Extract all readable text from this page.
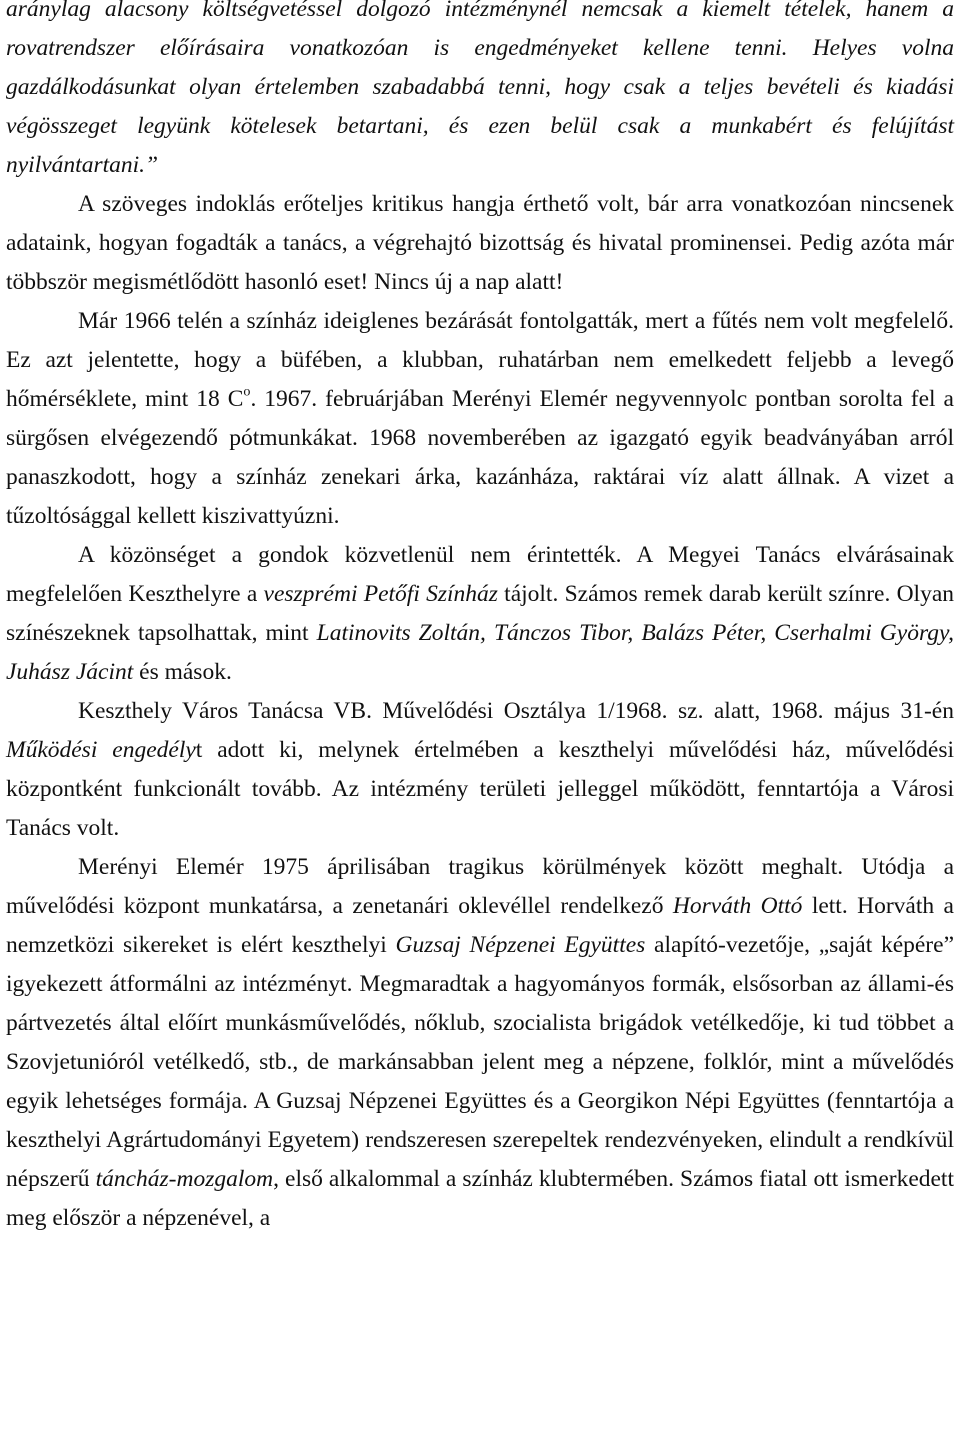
aránylag alacsony költségvetéssel dolgozó intézménynél nemcsak a kiemelt tételek, hanem a rovatrendszer előírásaira vonatkozóan is engedményeket kellene tenni. Helyes volna gazdálkodásunkat olyan értelemben szabadabbá tenni, hogy csak a teljes bevételi és kiadási végösszeget legyünk kötelesek betartani, és ezen belül csak a munkabért és felújítást nyilvántartani.”

A szöveges indoklás erőteljes kritikus hangja érthető volt, bár arra vonatkozóan nincsenek adataink, hogyan fogadták a tanács, a végrehajtó bizottság és hivatal prominensei. Pedig azóta már többször megismétlődött hasonló eset! Nincs új a nap alatt!

Már 1966 telén a színház ideiglenes bezárását fontolgatták, mert a fűtés nem volt megfelelő. Ez azt jelentette, hogy a büfében, a klubban, ruhatárban nem emelkedett feljebb a levegő hőmérséklete, mint 18 $C^o$. 1967. februárjában Merényi Elemér negyvennyolc pontban sorolta fel a sürgősen elvégezendő pótmunkákat. 1968 novemberében az igazgató egyik beadványában arról panaszkodott, hogy a színház zenekari árka, kazánháza, raktárai víz alatt állnak. A vizet a tűzoltósággal kellett kiszivattyúzni.

A közönséget a gondok közvetlenül nem érintették. A Megyei Tanács elvárásainak megfelelően Keszthelyre a veszprémi Petőfi Színház tájolt. Számos remek darab került színre. Olyan színészeknek tapsolhattak, mint Latinovits Zoltán, Tánczos Tibor, Balázs Péter, Cserhalmi György, Juhász Jácint és mások.

Keszthely Város Tanácsa VB. Művelődési Osztálya 1/1968. sz. alatt, 1968. május 31-én Működési engedélyt adott ki, melynek értelmében a keszthelyi művelődési ház, művelődési központként funkcionált tovább. Az intézmény területi jelleggel működött, fenntartója a Városi Tanács volt.

Merényi Elemér 1975 áprilisában tragikus körülmények között meghalt. Utódja a művelődési központ munkatársa, a zenetanári oklevéllel rendelkező Horváth Ottó lett. Horváth a nemzetközi sikereket is elért keszthelyi Guzsaj Népzenei Együttes alapító-vezetője, „saját képére” igyekezett átformálni az intézményt. Megmaradtak a hagyományos formák, elsősorban az állami-és pártvezetés által előírt munkásművelődés, nőklub, szocialista brigádok vetélkedője, ki tud többet a Szovjetunióról vetélkedő, stb., de markánsabban jelent meg a népzene, folklór, mint a művelődés egyik lehetséges formája. A Guzsaj Népzenei Együttes és a Georgikon Népi Együttes (fenntartója a keszthelyi Agrártudományi Egyetem) rendszeresen szerepeltek rendezvényeken, elindult a rendkívül népszerű táncház-mozgalom, első alkalommal a színház klubtermében. Számos fiatal ott ismerkedett meg először a népzenével, a
